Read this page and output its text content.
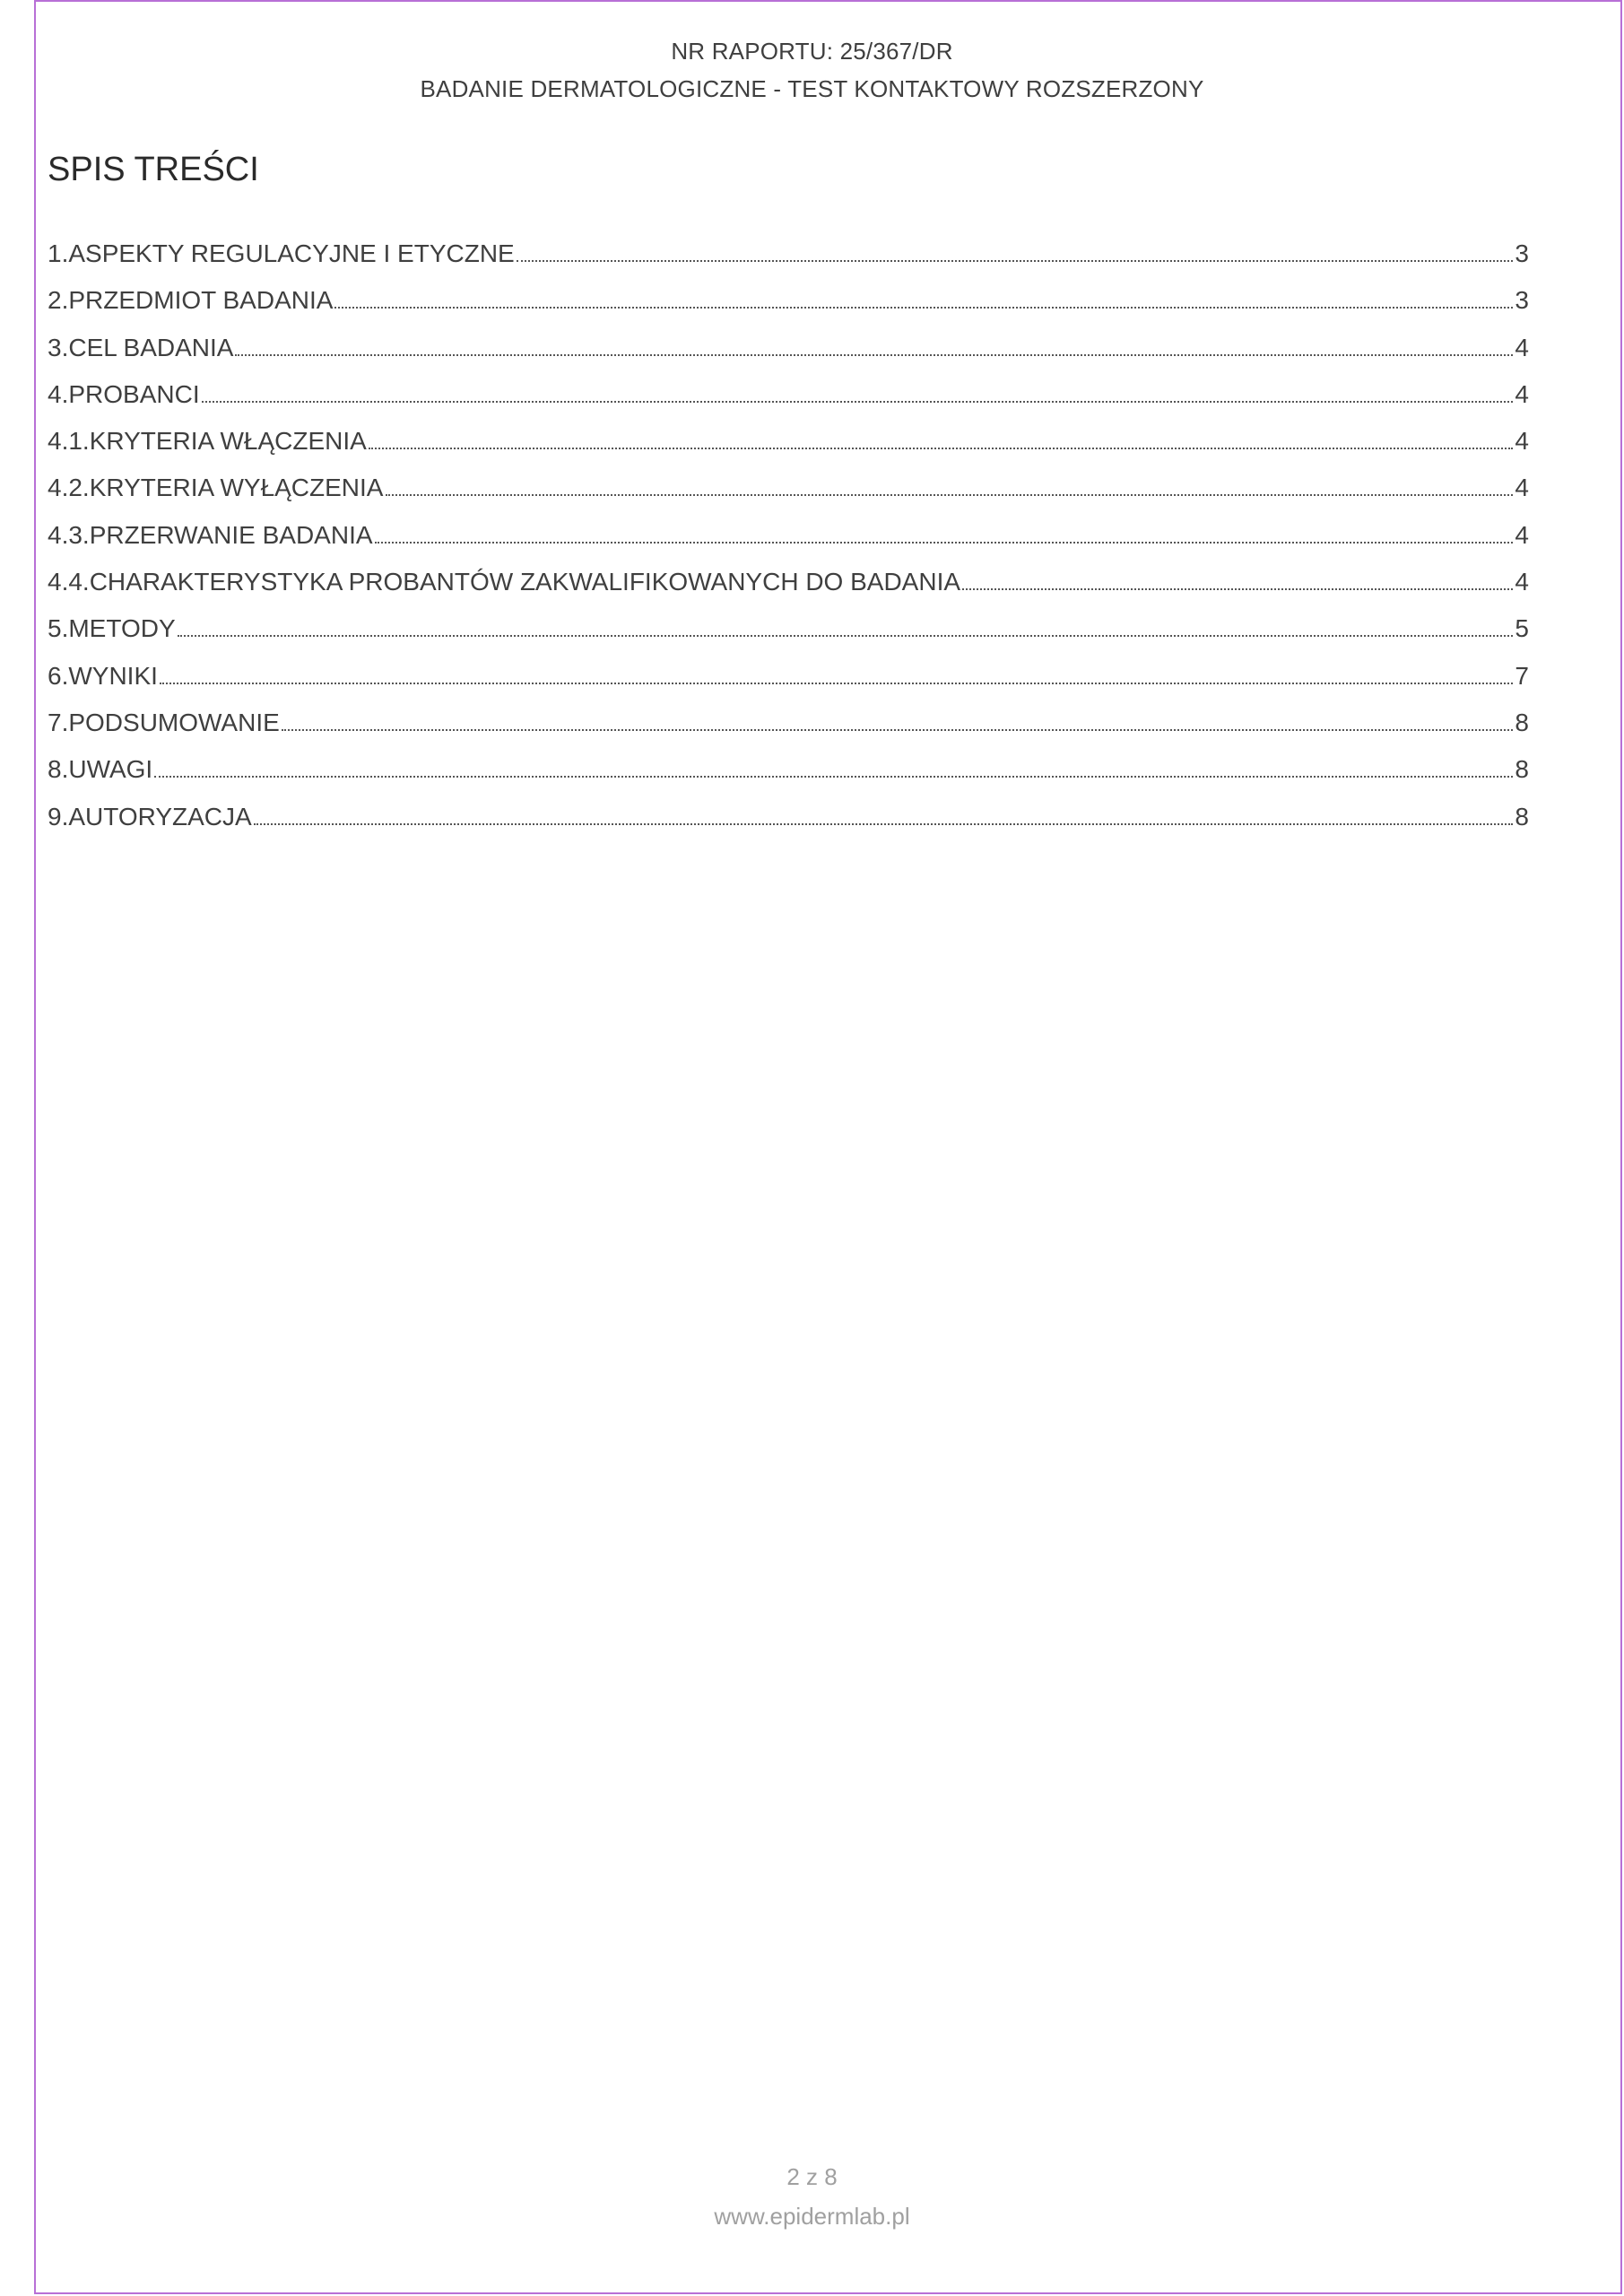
NR RAPORTU: 25/367/DR
BADANIE DERMATOLOGICZNE - TEST KONTAKTOWY ROZSZERZONY
SPIS TREŚCI
1.ASPEKTY REGULACYJNE I ETYCZNE	3
2.PRZEDMIOT BADANIA	3
3.CEL BADANIA	4
4.PROBANCI	4
4.1.KRYTERIA WŁĄCZENIA	4
4.2.KRYTERIA WYŁĄCZENIA	4
4.3.PRZERWANIE BADANIA	4
4.4.CHARAKTERYSTYKA PROBANTÓW ZAKWALIFIKOWANYCH DO BADANIA	4
5.METODY	5
6.WYNIKI	7
7.PODSUMOWANIE	8
8.UWAGI	8
9.AUTORYZACJA	8
2 z 8
www.epidermlab.pl
